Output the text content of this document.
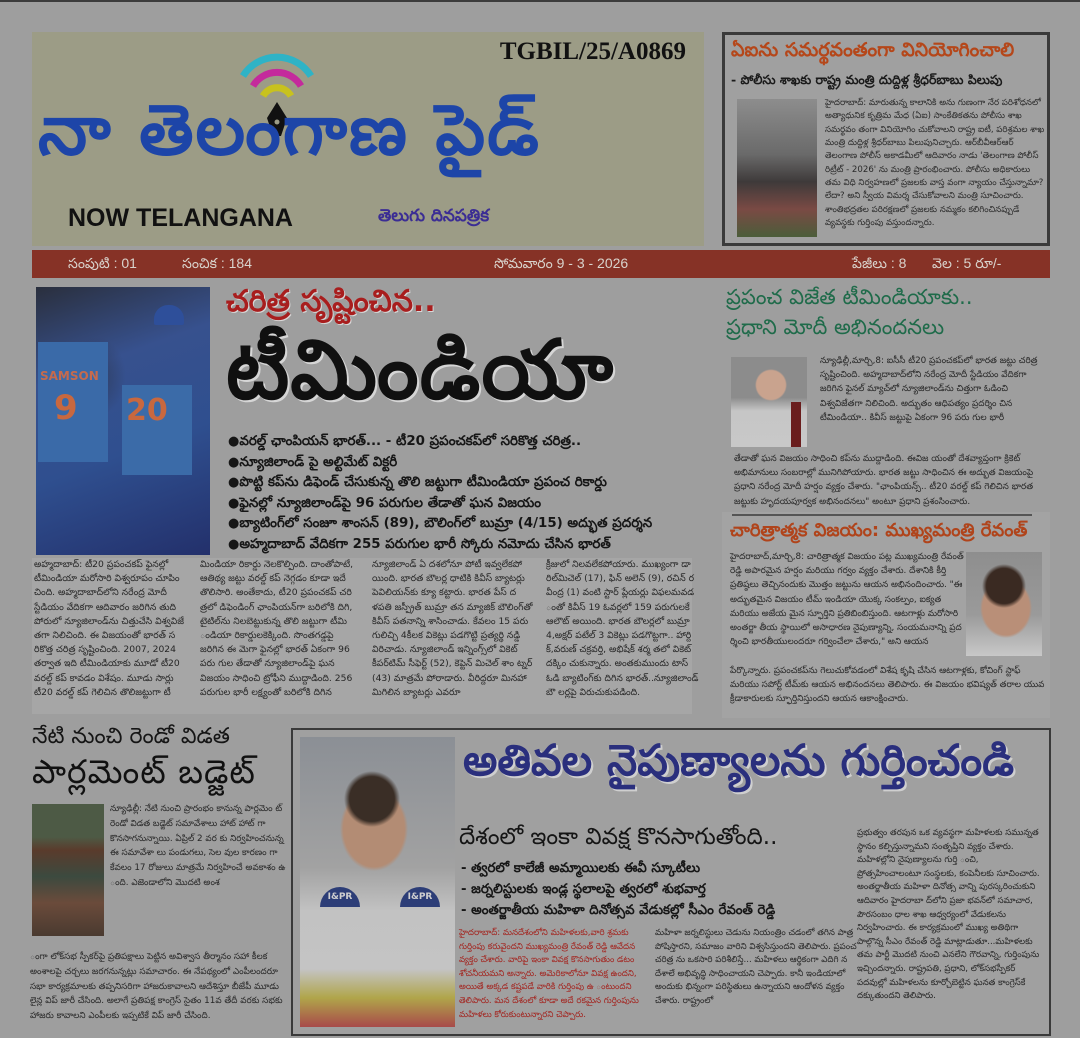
TGBIL/25/A0869
నా తెలంగాణ పైడ్
NOW TELANGANA	తెలుగు దినపత్రిక
ఏఐను సమర్థవంతంగా వినియోగించాలి
- పోలీసు శాఖకు రాష్ట్ర మంత్రి దుద్దిళ్ల శ్రీధర్‌బాబు పిలుపు
హైదరాబాద్: మారుతున్న కాలానికి అను గుణంగా నేర పరిశోధనలో అత్యాధునిక కృత్రిమ మేధ (ఏఐ) సాంకేతికతను పోలీసు శాఖ సమర్థవం తంగా వినియోగిం చుకోవాలని రాష్ట్ర ఐటీ, పరిశ్రమల శాఖ మంత్రి దుద్దిళ్ల శ్రీధర్‌బాబు పిలుపునిచ్చారు. ఆర్‌బీవీఆర్‌ఆర్ తెలంగాణ పోలీస్ అకాడమీలో ఆదివారం నాడు 'తెలంగాణ పోలీస్ రిట్రీట్ - 2026' ను మంత్రి ప్రారంభించారు. పోలీసు అధికారులు తమ విధి నిర్వహణలో ప్రజలకు వాస్త వంగా న్యాయం చేస్తున్నామా? లేదా? అని స్వీయ విమర్శ చేసుకోవాలని మంత్రి సూచించారు. శాంతిభద్రతల పరిరక్షణలో ప్రజలకు నమ్మకం కలిగించినప్పుడే వ్యవస్థకు గుర్తింపు వస్తుందన్నారు.
సంపుటి : 01	సంచిక : 184	సోమవారం 9 - 3 - 2026	పేజీలు : 8 వెల : 5 రూ/-
SAMSON
9 20
చరిత్ర సృష్టించిన..
టీమిండియా
● వరల్డ్ ఛాంపియన్ భారత్... - టీ20 ప్రపంచకప్‌లో సరికొత్త చరిత్ర..
● న్యూజిలాండ్ పై అల్టిమేట్ విక్టరీ
● పొట్టి కప్‌ను డిఫెండ్ చేసుకున్న తొలి జట్టుగా టీమిండియా ప్రపంచ రికార్డు
● ఫైనల్లో న్యూజిలాండ్‌పై 96 పరుగుల తేడాతో ఘన విజయం
● బ్యాటింగ్‌లో సంజూ శాంసన్ (89), బౌలింగ్‌లో బుమ్రా (4/15) అద్భుత ప్రదర్శన
● అహ్మదాబాద్ వేదికగా 255 పరుగుల భారీ స్కోరు నమోదు చేసిన భారత్
అహ్మదాబాద్: టీ20 ప్రపంచకప్ ఫైనల్లో టీమిండియా మరోసారి విశ్వరూపం చూపిం చింది. అహ్మదాబాద్‌లోని నరేంద్ర మోదీ స్టేడియం వేదికగా ఆదివారం జరిగిన తుది పోరులో న్యూజిలాండ్‌ను చిత్తుచేసి విశ్వవిజే తగా నిలిచింది. ఈ విజయంతో భారత్ స రికొత్త చరిత్ర సృష్టించింది. 2007, 2024 తర్వాత ఇది టీమిండియాకు మూడో టీ20 వరల్డ్ కప్ కావడం విశేషం. మూడు సార్లు టీ20 వరల్డ్ కప్ గెలిచిన తొలిజట్టుగా టీ
మిండియా రికార్డు నెలకొల్పింది. దాంతోపాటే, ఆతిథ్య జట్టు వరల్డ్ కప్ నెగ్గడం కూడా ఇదే తొలిసారి. అంతేకాదు, టీ20 ప్రపంచకప్ చరి త్రలో డిఫెండింగ్ ఛాంపియన్‌గా బరిలోకి దిగి, టైటిల్‌ను నిలబెట్టుకున్న తొలి జట్టుగా టీమి ండియా రికార్డులకెక్కింది. సొంతగడ్డపై జరిగిన ఈ మెగా ఫైనల్లో భారత్ ఏకంగా 96 పరు గుల తేడాతో న్యూజిలాండ్‌పై ఘన విజయం సాధించి ట్రోఫీని ముద్దాడింది. 256 పరుగుల భారీ లక్ష్యంతో బరిలోకి దిగిన
న్యూజిలాండ్ ఏ దశలోనూ పోటీ ఇవ్వలేకపో యింది. భారత బౌలర్ల ధాటికి కివీస్ బ్యాటర్లు పెవిలియన్‌కు క్యూ కట్టారు. భారత పేస్ ద ళపతి జస్ప్రీత్ బుమ్రా తన మ్యాజిక్ బౌలింగ్‌తో కివీస్ పతనాన్ని శాసించాడు. కేవలం 15 పరు గులిచ్చి 4కీలక వికెట్లు పడగొట్టి ప్రత్యర్థి నడ్డి విరిచాడు. న్యూజిలాండ్ ఇన్నింగ్స్‌లో వికెట్ కీపర్‌టిమ్ సీఫెర్ట్ (52), కెప్టెన్ మిచెల్ శాం ట్నర్ (43) మాత్రమే పోరాడారు. వీరిద్దరూ మినహా మిగిలిన బ్యాటర్లు ఎవరూ
క్రీజులో నిలవలేకపోయారు. ముఖ్యంగా డా రిల్‌మిచెల్ (17), ఫిన్ అలెన్ (9), రచిన్ ర వీంద్ర (1) వంటి స్టార్ ప్లేయర్లు విఫలమవడ ంతో కివీస్ 19 ఓవర్లలో 159 పరుగులకే ఆలౌట్ అయింది. భారత బౌలర్లలో బుమ్రా 4,అక్షర్ పటేల్ 3 వికెట్లు పడగొట్టగా.. హార్ది క్,వరుణ్ చక్రవర్తి, అభిషేక్ శర్మ తలో వికెట్ దక్కిం చుకున్నారు. అంతకుముందు టాస్ ఓడి బ్యాటింగ్‌కు దిగిన భారత్..న్యూజిలాండ్ బౌ లర్లపై విరుచుకుపడింది.
ప్రపంచ విజేత టీమిండియాకు..
ప్రధాని మోదీ అభినందనలు
న్యూఢిల్లీ,మార్చి,8: ఐసీసీ టీ20 ప్రపంచకప్‌లో భారత జట్టు చరిత్ర సృష్టించింది. అహ్మదాబాద్‌లోని నరేంద్ర మోదీ స్టేడియం వేదికగా జరిగిన ఫైనల్ మ్యాచ్‌లో న్యూజిలాండ్‌ను చిత్తుగా ఓడించి విశ్వవిజేతగా నిలిచింది. అద్భుతం ఆధిపత్యం ప్రదర్శిం చిన టీమిండియా.. కివీస్ జట్టుపై ఏకంగా 96 పరు గుల భారీ
తేడాతో ఘన విజయం సాధించి కప్‌ను ముద్దాడింది. ఈవిజ యంతో దేశవ్యాప్తంగా క్రికెట్ అభిమానులు సంబరాల్లో మునిగిపోయారు. భారత జట్టు సాధించిన ఈ అద్భుత విజయంపై ప్రధాని నరేంద్ర మోదీ హర్షం వ్యక్తం చేశారు. "ఛాంపియన్స్.. టీ20 వరల్డ్ కప్ గెలిచిన భారత జట్టుకు హృదయపూర్వక అభినందనలు" అంటూ ప్రధాని ప్రశంసించారు.
చారిత్రాత్మక విజయం: ముఖ్యమంత్రి రేవంత్
హైదరాబాద్,మార్చి,8: చారిత్రాత్మక విజయం పట్ల ముఖ్యమంత్రి రేవంత్ రెడ్డి అపారమైన హర్షం మరియు గర్వం వ్యక్తం చేశారు. దేశానికి కీర్తి ప్రతిష్ఠలు తెచ్చినందుకు మొత్తం జట్టును ఆయన అభినందించారు. "ఈ అద్భుతమైన విజయం టీమ్ ఇండియా యొక్క సంకల్పం, ఐక్యత మరియు అజేయ మైన స్ఫూర్తిని ప్రతిబింబిస్తుంది. ఆటగాళ్లు మరోసారి అంతర్జా తీయ స్థాయిలో అసాధారణ నైపుణ్యాన్ని, సంయమనాన్ని ప్రద ర్శించి భారతీయులందరూ గర్వించేలా చేశారు," అని ఆయన
పేర్కొన్నారు. ప్రపంచకప్‌ను గెలుచుకోవడంలో విశేష కృషి చేసిన ఆటగాళ్లకు, కోచింగ్ స్టాఫ్ మరియు సపోర్ట్ టీమ్‌కు ఆయన అభినందనలు తెలిపారు. ఈ విజయం భవిష్యత్ తరాల యువ క్రీడాకారులకు స్ఫూర్తినిస్తుందని ఆయన ఆకాంక్షించారు.
నేటి నుంచి రెండో విడత
పార్లమెంట్ బడ్జెట్
న్యూఢిల్లీ: నేటి నుంచి ప్రారంభం కానున్న పార్లమెం ట్ రెండో విడత బడ్జెట్ సమావేశాలు హాట్ హాట్ గా కొనసాగనున్నాయి. ఏప్రిల్ 2 వర కు నిర్వహించనున్న ఈ సమావేశా లు పండుగలు, సెల వుల కారణం గా కేవలం 17 రోజులు మాత్రమే నిర్వహించే అవకాశం ఉ ంది. ఎజెండాలోని మొదటి అంశ
ంగా లోక్‌సభ స్పీకర్‌పై ప్రతిపక్షాలు పెట్టిన అవిశ్వాస తీర్మానం సహా కీలక అంశాలపై చర్చలు జరగనున్నట్లు సమాచారం. ఈ నేపథ్యంలో ఎంపీలందరూ సభా కార్యక్రమాలకు తప్పనిసరిగా హాజరుకావాలని ఆదేశిస్తూ బీజేపీ మూడు లైన్ల విప్ జారీ చేసింది. అలాగే ప్రతిపక్ష కాంగ్రెస్ సైతం 11వ తేదీ వరకు సభకు హాజరు కావాలని ఎంపీలకు ఇప్పటికే విప్ జారీ చేసింది.
I&PR	I&PR
అతివల నైపుణ్యాలను గుర్తించండి
దేశంలో ఇంకా వివక్ష కొనసాగుతోంది..
- త్వరలో కాలేజీ అమ్మాయిలకు ఈవీ స్కూటీలు
- జర్నలిస్టులకు ఇండ్ల స్థలాలపై త్వరలో శుభవార్త
- అంతర్జాతీయ మహిళా దినోత్సవ వేడుకల్లో సీఎం రేవంత్ రెడ్డి
హైదరాబాద్: మనదేశంలోని మహిళలకు,వారి శ్రమకు గుర్తింపు కరువైందని ముఖ్యమంత్రి రేవంత్ రెడ్డి ఆవేదన వ్యక్తం చేశారు. వారిపై ఇంకా వివక్ష కొనసాగుతుం డటం శోచనీయమని అన్నారు. అమెరికాలోనూ వివక్ష ఉందని, అయితే అక్కడ కష్టపడే వారికి గుర్తింపు ఉ ంటుందని తెలిపారు. మన దేశంలో కూడా అదే రకమైన గుర్తింపును మహిళలు కోరుకుంటున్నారని చెప్పారు.
మహిళా జర్నలిస్టులు చెడును నియంత్రిం చడంలో తగిన పాత్ర పోషిస్తారని, సమాజం వారిని విశ్వసిస్తుందని తెలిపారు. ప్రపంచ చరిత్ర ను ఒకసారి పరిశీలిస్తే... మహిళలు ఆర్థికంగా ఎదిగి న దేశాలే అభివృద్ధి సాధించాయని చెప్పారు. కానీ ఇండియాలో అందుకు భిన్నంగా పరిస్థితులు ఉన్నాయని ఆందోళన వ్యక్తం చేశారు. రాష్ట్రంలో
ప్రభుత్వం తరపున ఒక వ్యవస్థగా మహిళలకు సమున్నత స్థానం కల్పిస్తున్నామని సంతృప్తిని వ్యక్తం చేశారు. మహిళల్లోని నైపుణ్యాలను గుర్తి ంచి, ప్రోత్సహించాలంటూ సంస్థలకు, కంపెనీలకు సూచించారు. అంతర్జాతీయ మహిళా దినోత్స వాన్ని పురస్కరించుకుని ఆదివారం హైదరాబా ద్‌లోని ప్రజా భవన్‌లో సమాచార, పౌరసంబం ధాల శాఖ ఆధ్వర్యంలో వేడుకలను నిర్వహించారు. ఈ కార్యక్రమంలో ముఖ్య అతిథిగా పాల్గొన్న సీఎం రేవంత్ రెడ్డి మాట్లాడుతూ...మహిళలకు తమ పార్టీ మొదటి నుంచి ఎనలేని గౌరవాన్ని, గుర్తింపును ఇచ్చిందన్నారు. రాష్ట్రపతి, ప్రధాని, లోక్‌సభస్పీకర్ పదవుల్లో మహిళలను కూర్చోబెట్టిన ఘనత కాంగ్రెస్‌కే దక్కుతుందని తెలిపారు.
